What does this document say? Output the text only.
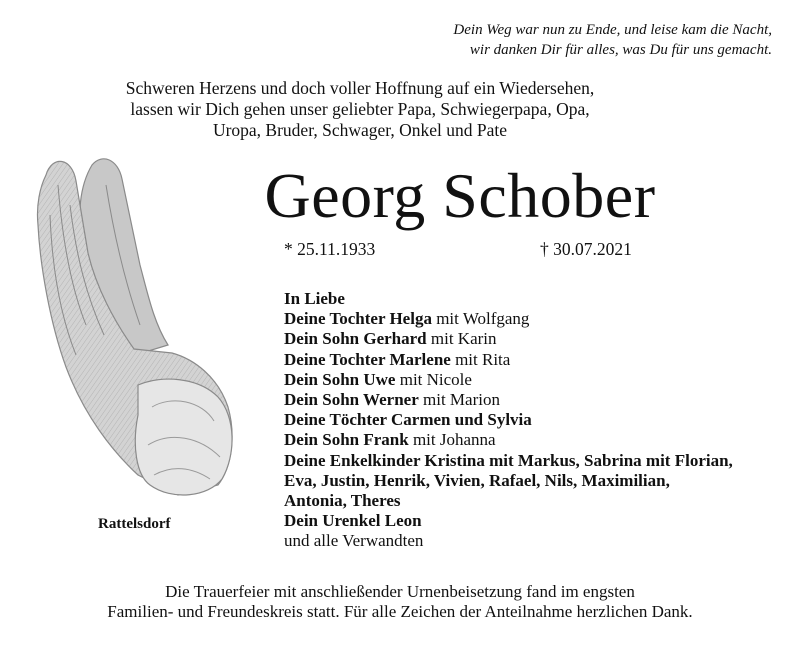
Dein Weg war nun zu Ende, und leise kam die Nacht,
wir danken Dir für alles, was Du für uns gemacht.
Schweren Herzens und doch voller Hoffnung auf ein Wiedersehen,
lassen wir Dich gehen unser geliebter Papa, Schwiegerpapa, Opa,
Uropa, Bruder, Schwager, Onkel und Pate
Georg Schober
* 25.11.1933	† 30.07.2021
Rattelsdorf
In Liebe
Deine Tochter Helga mit Wolfgang
Dein Sohn Gerhard mit Karin
Deine Tochter Marlene mit Rita
Dein Sohn Uwe mit Nicole
Dein Sohn Werner mit Marion
Deine Töchter Carmen und Sylvia
Dein Sohn Frank mit Johanna
Deine Enkelkinder Kristina mit Markus, Sabrina mit Florian,
Eva, Justin, Henrik, Vivien, Rafael, Nils, Maximilian,
Antonia, Theres
Dein Urenkel Leon
und alle Verwandten
Die Trauerfeier mit anschließender Urnenbeisetzung fand im engsten
Familien- und Freundeskreis statt. Für alle Zeichen der Anteilnahme herzlichen Dank.
